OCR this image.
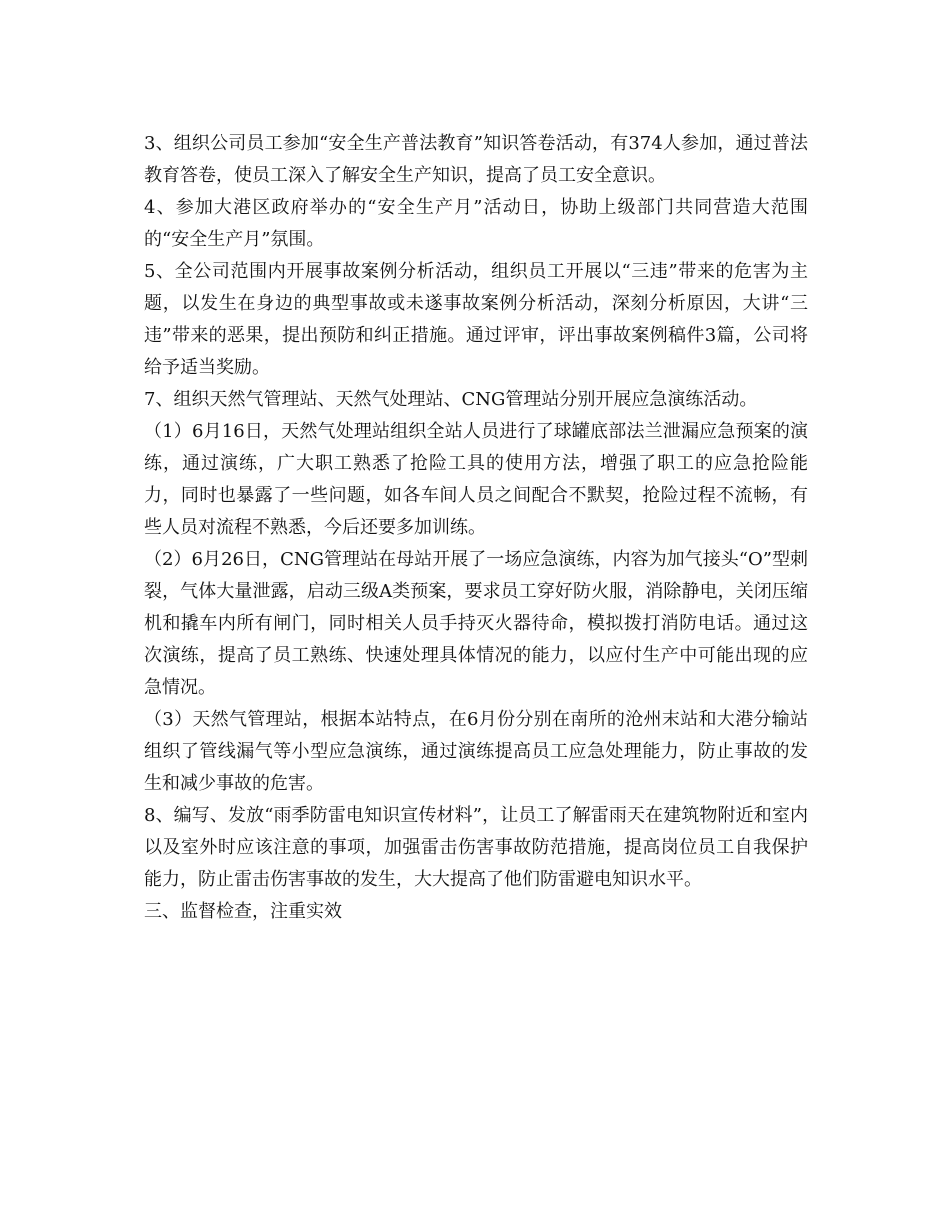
3、组织公司员工参加“安全生产普法教育”知识答卷活动，有374人参加，通过普法教育答卷，使员工深入了解安全生产知识，提高了员工安全意识。

4、参加大港区政府举办的“安全生产月”活动日，协助上级部门共同营造大范围的“安全生产月”氛围。

5、全公司范围内开展事故案例分析活动，组织员工开展以“三违”带来的危害为主题，以发生在身边的典型事故或未遂事故案例分析活动，深刻分析原因，大讲“三违”带来的恶果，提出预防和纠正措施。通过评审，评出事故案例稿件3篇，公司将给予适当奖励。

7、组织天然气管理站、天然气处理站、CNG管理站分别开展应急演练活动。

（1）6月16日，天然气处理站组织全站人员进行了球罐底部法兰泄漏应急预案的演练，通过演练，广大职工熟悉了抢险工具的使用方法，增强了职工的应急抢险能力，同时也暴露了一些问题，如各车间人员之间配合不默契，抢险过程不流畅，有些人员对流程不熟悉，今后还要多加训练。

（2）6月26日，CNG管理站在母站开展了一场应急演练，内容为加气接头“O”型刺裂，气体大量泄露，启动三级A类预案，要求员工穿好防火服，消除静电，关闭压缩机和撬车内所有闸门，同时相关人员手持灭火器待命，模拟拨打消防电话。通过这次演练，提高了员工熟练、快速处理具体情况的能力，以应付生产中可能出现的应急情况。

（3）天然气管理站，根据本站特点，在6月份分别在南所的沧州末站和大港分输站组织了管线漏气等小型应急演练，通过演练提高员工应急处理能力，防止事故的发生和减少事故的危害。

8、编写、发放“雨季防雷电知识宣传材料”，让员工了解雷雨天在建筑物附近和室内以及室外时应该注意的事项，加强雷击伤害事故防范措施，提高岗位员工自我保护能力，防止雷击伤害事故的发生，大大提高了他们防雷避电知识水平。

三、监督检查，注重实效
